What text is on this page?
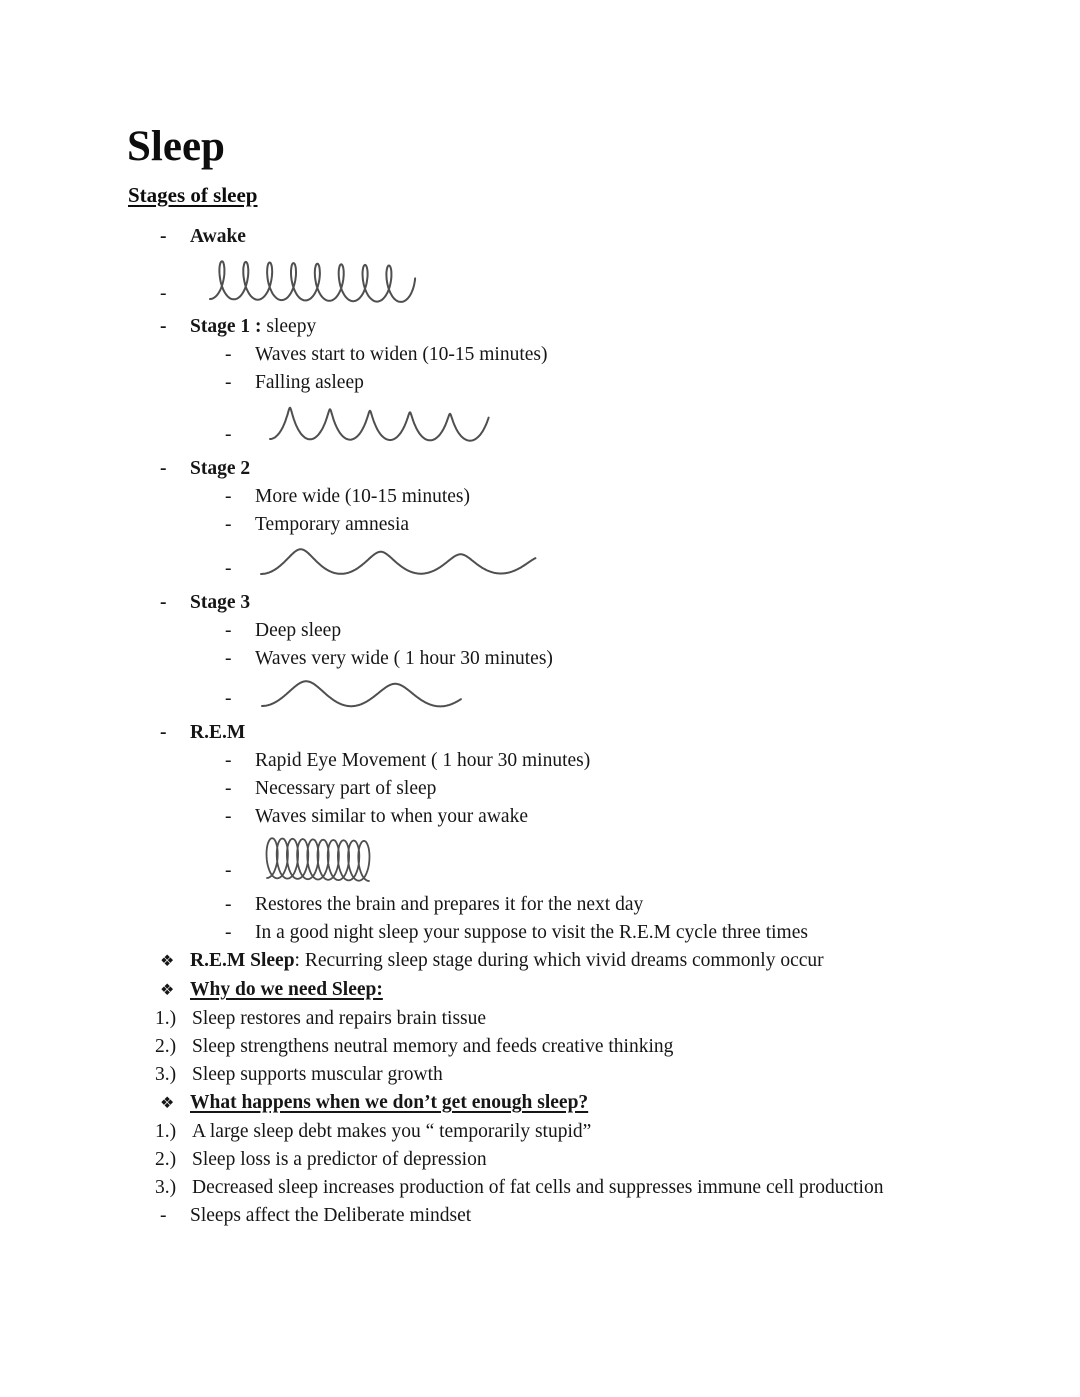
Sleep
Stages of sleep
-	Awake
-
-	Stage 1 : sleepy
-	Waves start to widen (10-15 minutes)
-	Falling asleep
-
-	Stage 2
-	More wide (10-15 minutes)
-	Temporary amnesia
-
-	Stage 3
-	Deep sleep
-	Waves very wide ( 1 hour 30 minutes)
-
-	R.E.M
-	Rapid Eye Movement ( 1 hour 30 minutes)
-	Necessary part of sleep
-	Waves similar to when your awake
-
-	Restores the brain and prepares it for the next day
-	In a good night sleep your suppose to visit the R.E.M cycle three times
❖ R.E.M Sleep: Recurring sleep stage during which vivid dreams commonly occur
❖ Why do we need Sleep:
1.) Sleep restores and repairs brain tissue
2.) Sleep strengthens neutral memory and feeds creative thinking
3.) Sleep supports muscular growth
❖ What happens when we don’t get enough sleep?
1.) A large sleep debt makes you “ temporarily stupid”
2.) Sleep loss is a predictor of depression
3.) Decreased sleep increases production of fat cells and suppresses immune cell production
-	Sleeps affect the Deliberate mindset
